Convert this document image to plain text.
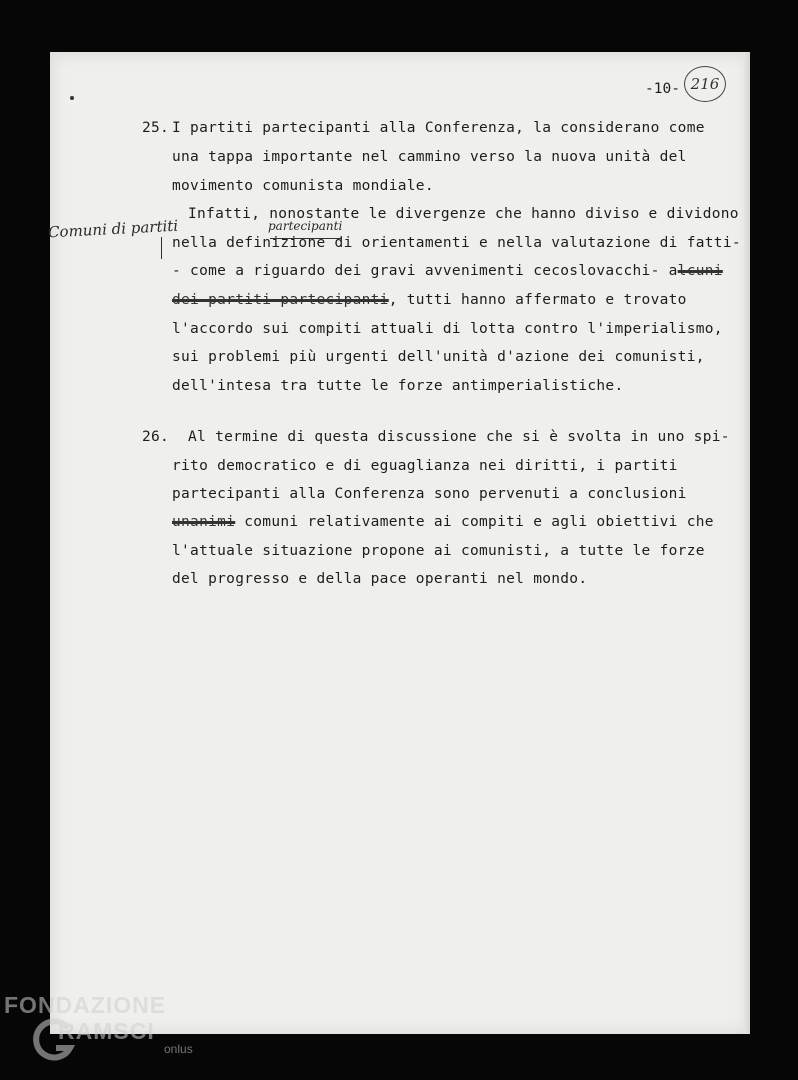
-10- 216
25. I partiti partecipanti alla Conferenza, la considerano come
una tappa importante nel cammino verso la nuova unità del
movimento comunista mondiale.
Infatti, nonostante le divergenze che hanno diviso e dividono
Comuni di partiti	partecipanti
nella definizione di orientamenti e nella valutazione di fatti-
- come a riguardo dei gravi avvenimenti cecoslovacchi- alcuni
dei partiti partecipanti, tutti hanno affermato e trovato
l'accordo sui compiti attuali di lotta contro l'imperialismo,
sui problemi più urgenti dell'unità d'azione dei comunisti,
dell'intesa tra tutte le forze antimperialistiche.
26. Al termine di questa discussione che si è svolta in uno spi-
rito democratico e di eguaglianza nei diritti, i partiti
partecipanti alla Conferenza sono pervenuti a conclusioni
unanimi comuni relativamente ai compiti e agli obiettivi che
l'attuale situazione propone ai comunisti, a tutte le forze
del progresso e della pace operanti nel mondo.
FONDAZIONE
RAMSCI
onlus
